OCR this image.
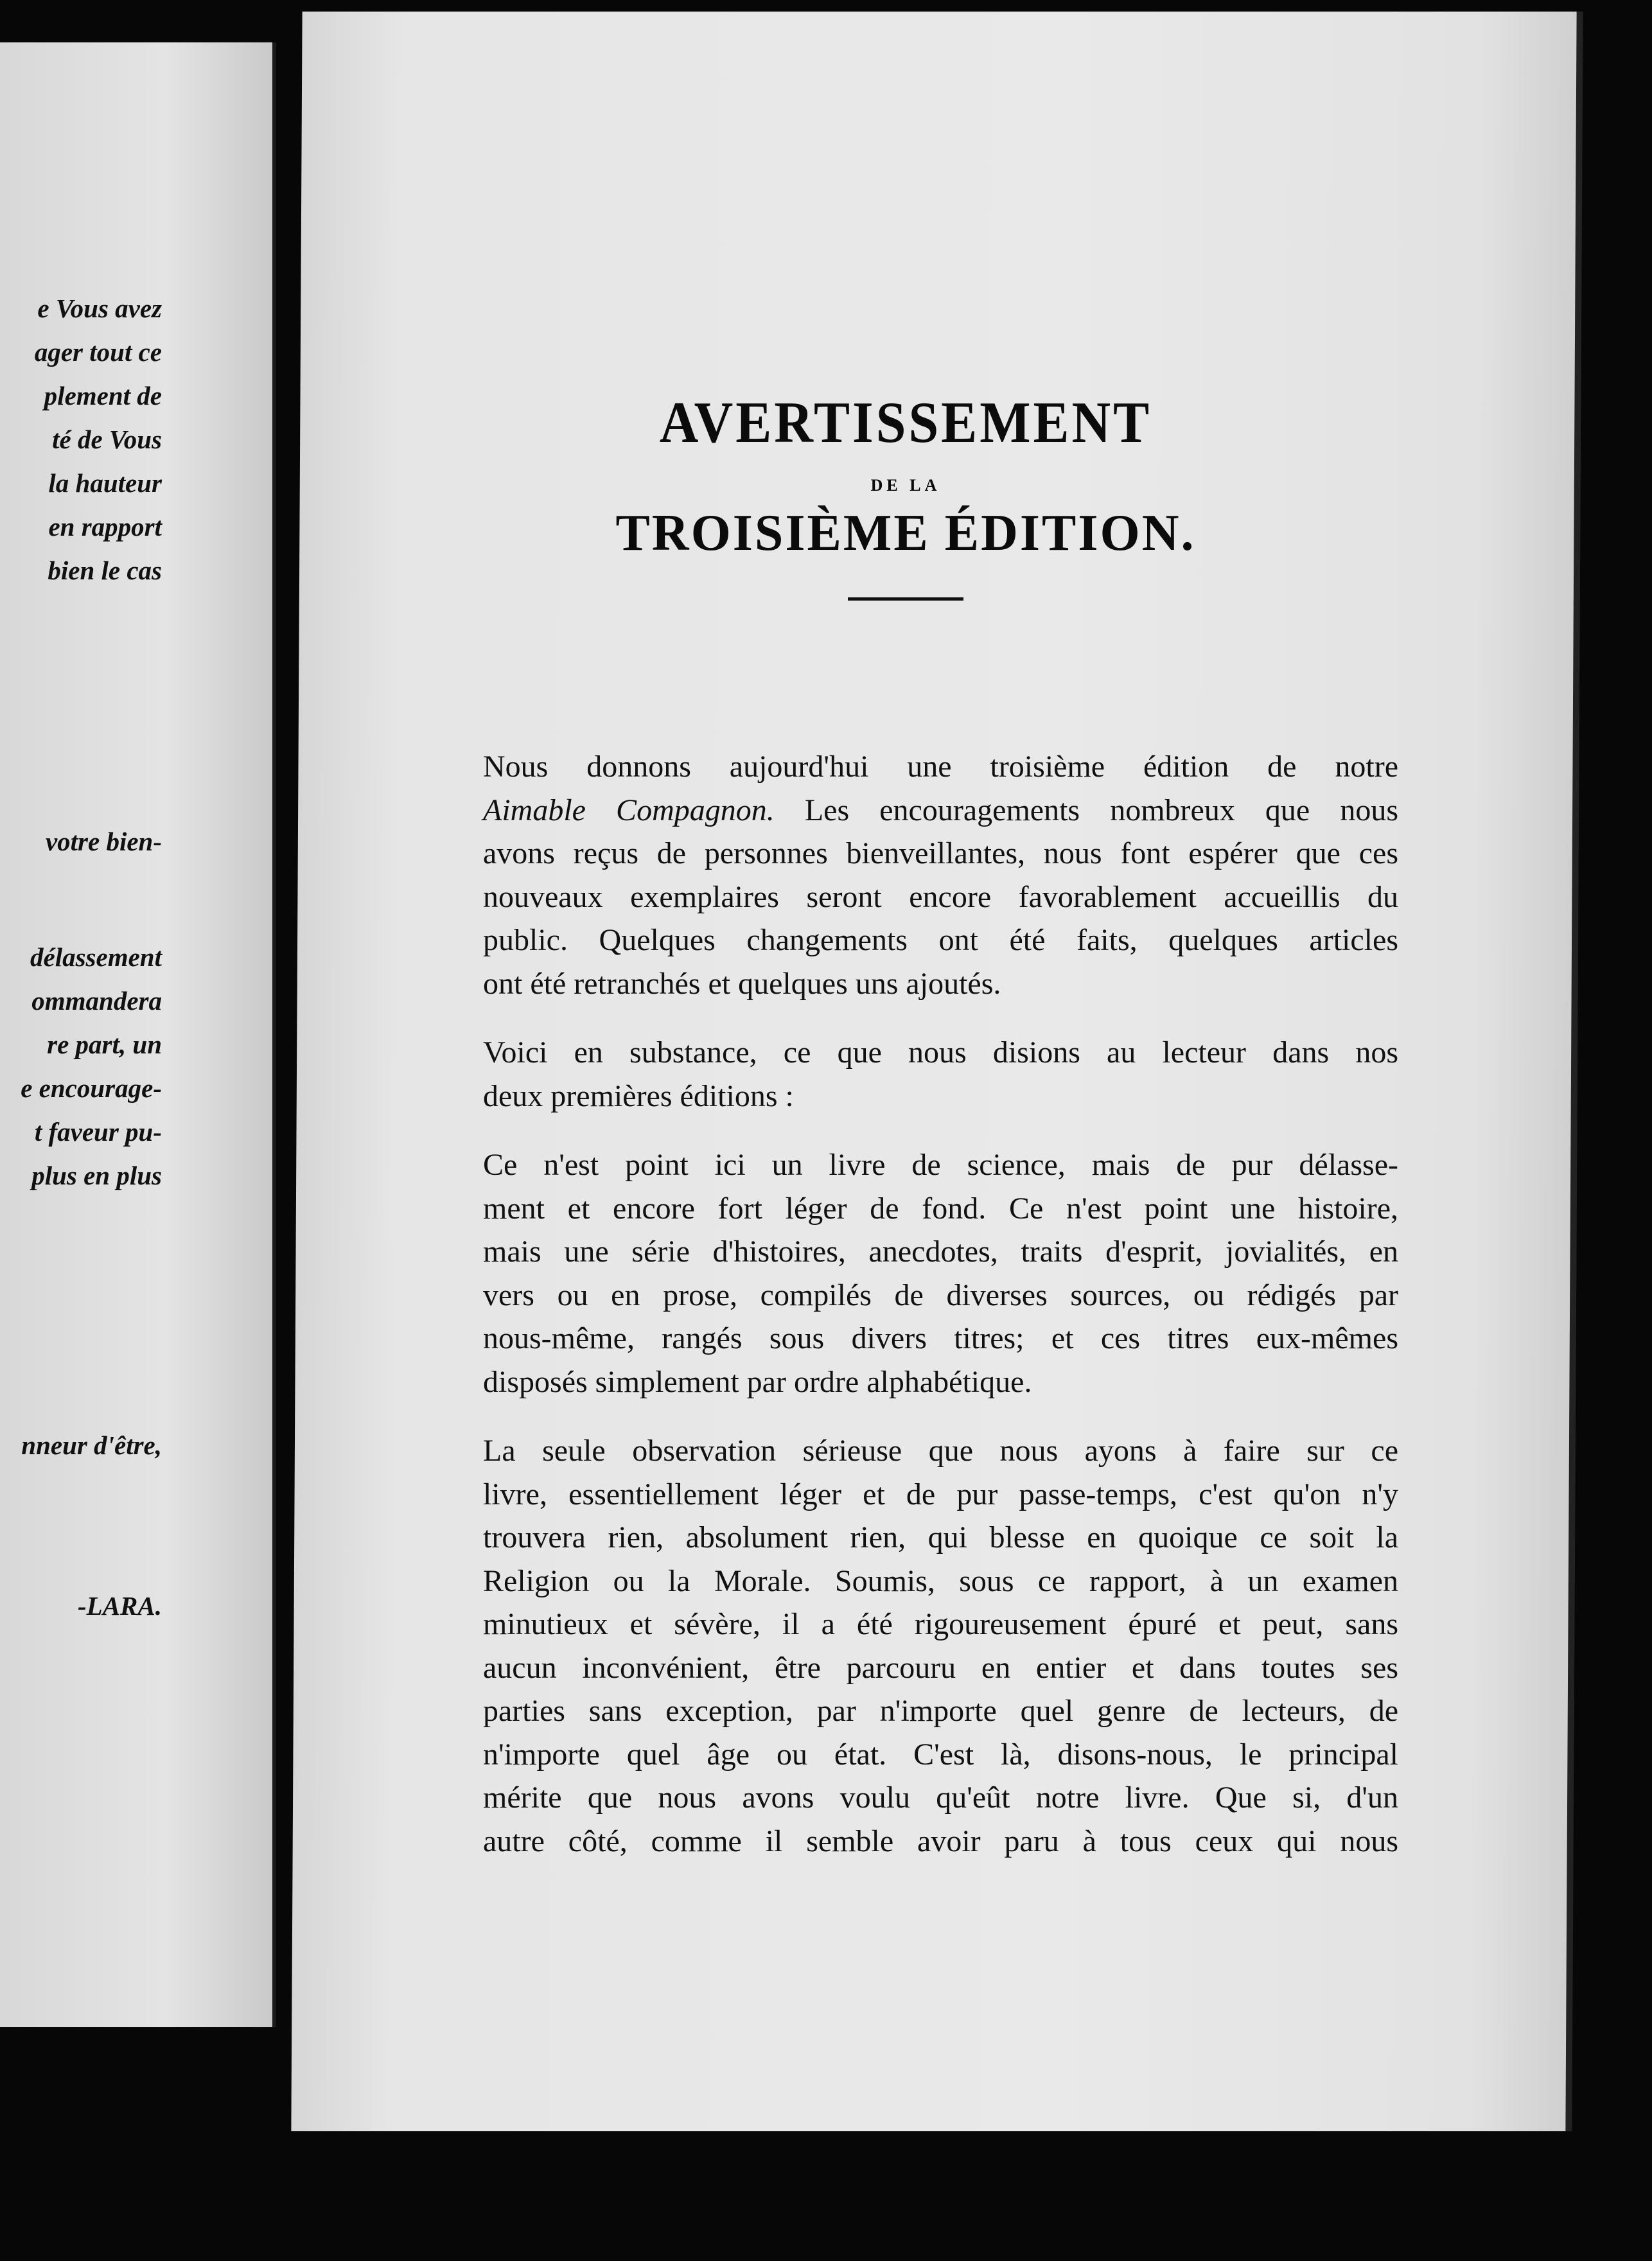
e Vous avez
ager tout ce
plement de
té de Vous
la hauteur
en rapport
bien le cas
votre bien-
délassement
ommandera
re part, un
e encourage-
t faveur pu-
plus en plus
nneur d'être,
-LARA.
AVERTISSEMENT
DE LA
TROISIÈME ÉDITION.
Nous donnons aujourd'hui une troisième édition de notre
Aimable Compagnon. Les encouragements nombreux que nous
avons reçus de personnes bienveillantes, nous font espérer que ces
nouveaux exemplaires seront encore favorablement accueillis du
public. Quelques changements ont été faits, quelques articles
ont été retranchés et quelques uns ajoutés.
Voici en substance, ce que nous disions au lecteur dans nos
deux premières éditions :
Ce n'est point ici un livre de science, mais de pur délasse-
ment et encore fort léger de fond. Ce n'est point une histoire,
mais une série d'histoires, anecdotes, traits d'esprit, jovialités, en
vers ou en prose, compilés de diverses sources, ou rédigés par
nous-même, rangés sous divers titres; et ces titres eux-mêmes
disposés simplement par ordre alphabétique.
La seule observation sérieuse que nous ayons à faire sur ce
livre, essentiellement léger et de pur passe-temps, c'est qu'on n'y
trouvera rien, absolument rien, qui blesse en quoique ce soit la
Religion ou la Morale. Soumis, sous ce rapport, à un examen
minutieux et sévère, il a été rigoureusement épuré et peut, sans
aucun inconvénient, être parcouru en entier et dans toutes ses
parties sans exception, par n'importe quel genre de lecteurs, de
n'importe quel âge ou état. C'est là, disons-nous, le principal
mérite que nous avons voulu qu'eût notre livre. Que si, d'un
autre côté, comme il semble avoir paru à tous ceux qui nous
